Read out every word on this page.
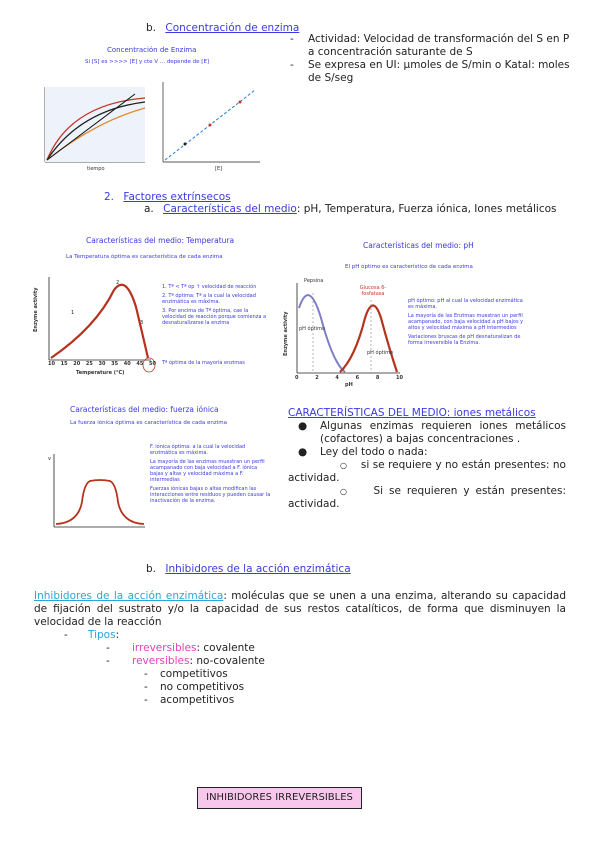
b. Concentración de enzima
Concentración de Enzima
Si [S] es >>>> [E] y cte V ... depende de [E]
tiempo	[E]
-	Actividad: Velocidad de transformación del S en P a concentración saturante de S
-	Se expresa en UI: μmoles de S/min o Katal: moles de S/seg
2. Factores extrínsecos
a. Características del medio: pH, Temperatura, Fuerza iónica, Iones metálicos
Características del medio: Temperatura
La Temperatura óptima es característica de cada enzima
1
2
3
Enzyme activity
10 15 20 25 30 35 40 45 50
Temperature (°C)
1. Tª < Tª op ↑ velocidad de reacción
2. Tª óptima: Tª a la cual la velocidad enzimática es máxima.
3. Por encima de Tª óptima, cae la velocidad de reacción porque comienza a desnaturalizarse la enzima
Tª óptima de la mayoría enzimas
Características del medio: pH
El pH óptimo es característico de cada enzima
Pepsina
Glucosa 6-fosfatasa
pH óptimo
pH óptimo
Enzyme activity
0	2	4	6	8	10
pH
pH óptimo: pH al cual la velocidad enzimática es máxima.
La mayoría de las Enzimas muestran un perfil acampanado, con baja velocidad a pH bajos y altos y velocidad máxima a pH intermedios
Variaciones bruscas de pH desnaturalizan de forma irreversible la Enzima.
Características del medio: fuerza iónica
La fuerza iónica óptima es característica de cada enzima
v
F. iónica óptima: a la cual la velocidad enzimática es máxima.
La mayoría de las enzimas muestran un perfil acampanado con baja velocidad a F. iónica bajas y altas y velocidad máxima a F. intermedias
Fuerzas iónicas bajas o altas modifican las interacciones entre residuos y pueden causar la inactivación de la enzima.
CARACTERÍSTICAS DEL MEDIO: iones metálicos
●	Algunas enzimas requieren iones metálicos (cofactores) a bajas concentraciones .
●	Ley del todo o nada:
○ si se requiere y no están presentes: no actividad.
○ Si se requieren y están presentes: actividad.
b. Inhibidores de la acción enzimática
Inhibidores de la acción enzimática: moléculas que se unen a una enzima, alterando su capacidad de fijación del sustrato y/o la capacidad de sus restos catalíticos, de forma que disminuyen la velocidad de la reacción
- Tipos:
- irreversibles: covalente
- reversibles: no-covalente
- competitivos
- no competitivos
- acompetitivos
INHIBIDORES IRREVERSIBLES
